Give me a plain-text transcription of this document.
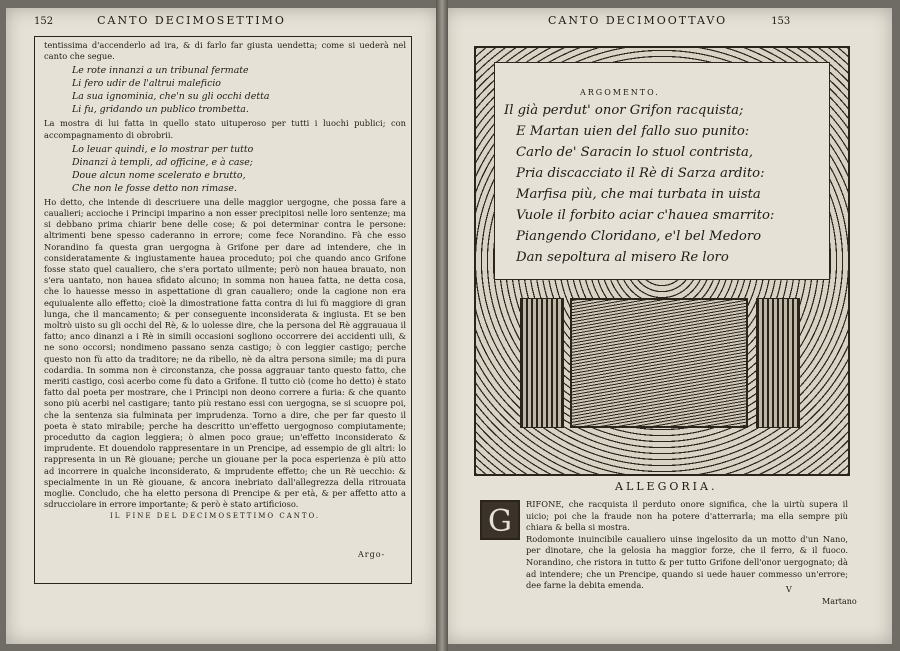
152	CANTO DECIMOSETTIMO

tentissima d'accenderlo ad ira, & di farlo far giusta uendetta; come si uederà nel canto che segue.

Le rote innanzi a un tribunal fermate
Li fero udir de l'altrui maleficio
La sua ignominia, che'n su gli occhi detta
Li fu, gridando un publico trombetta.

La mostra di lui fatta in quello stato uituperoso per tutti i luochi publici; con accompagnamento di obrobrii.

Lo leuar quindi, e lo mostrar per tutto
Dinanzi à templi, ad officine, e à case;
Doue alcun nome scelerato e brutto,
Che non le fosse detto non rimase.

Ho detto, che intende di descriuere una delle maggior uergogne, che possa fare a caualieri; accioche i Principi imparino a non esser precipitosi nelle loro sentenze; ma si debbano prima chiarir bene delle cose; & poi determinar contra le persone: altrimenti bene spesso caderanno in errore; come fece Norandino. Fà che esso Norandino fa questa gran uergogna à Grifone per dare ad intendere, che in consideratamente & ingiustamente hauea proceduto; poi che quando anco Grifone fosse stato quel caualiero, che s'era portato uilmente; però non hauea brauato, non s'era uantato, non hauea sfidato alcuno; in somma non hauea fatta, ne detta cosa, che lo hauesse messo in aspettatione di gran caualiero; onde la cagione non era equiualente allo effetto; cioè la dimostratione fatta contra di lui fù maggiore di gran lunga, che il mancamento; & per conseguente inconsiderata & ingiusta. Et se ben moltrò uisto su gli occhi del Rè, & lo uolesse dire, che la persona del Rè aggrauaua il fatto; anco dinanzi a i Rè in simili occasioni sogliono occorrere dei accidenti uili, & ne sono occorsi; nondimeno passano senza castigo; ò con leggier castigo; perche questo non fù atto da traditore; ne da ribello, nè da altra persona simile; ma di pura codardia. In somma non è circonstanza, che possa aggrauar tanto questo fatto, che meriti castigo, così acerbo come fù dato a Grifone. Il tutto ciò (come ho detto) è stato fatto dal poeta per mostrare, che i Principi non deono correre a furia: & che quanto sono più acerbi nel castigare; tanto più restano essi con uergogna, se si scuopre poi, che la sentenza sia fulminata per imprudenza. Torno a dire, che per far questo il poeta è stato mirabile; perche ha descritto un'effetto uergognoso compiutamente; procedutto da cagion leggiera; ò almen poco graue; un'effetto inconsiderato & imprudente. Et douendolo rappresentare in un Prencipe, ad essempio de gli altri: lo rappresenta in un Rè giouane; perche un giouane per la poca esperienza è più atto ad incorrere in qualche inconsiderato, & imprudente effetto; che un Rè uecchio: & specialmente in un Rè giouane, & ancora inebriato dall'allegrezza della ritrouata moglie. Concludo, che ha eletto persona di Prencipe & per età, & per affetto atto a sdrucciolare in errore importante; & però è stato artificioso.

IL FINE DEL DECIMOSETTIMO CANTO.
Argo-
CANTO DECIMOOTTAVO	153
ARGOMENTO.
Il già perdut' onor Grifon racquista;
E Martan uien del fallo suo punito:
Carlo de' Saracin lo stuol contrista,
Pria discacciato il Rè di Sarza ardito:
Marfisa più, che mai turbata in uista
Vuole il forbito aciar c'hauea smarrito:
Piangendo Cloridano, e'l bel Medoro
Dan sepoltura al misero Re loro
ALLEGORIA.
G	RIFONE, che racquista il perduto onore significa, che la uirtù supera il uicio; poi che la fraude non ha potere d'atterrarla; ma ella sempre più chiara & bella si mostra.

Rodomonte inuincibile caualiero uinse ingelosito da un motto d'un Nano, per dinotare, che la gelosia ha maggior forze, che il ferro, & il fuoco. Norandino, che ristora in tutto & per tutto Grifone dell'onor uergognato; dà ad intendere; che un Prencipe, quando si uede hauer commesso un'errore; dee farne la debita emenda.	V
Martano
